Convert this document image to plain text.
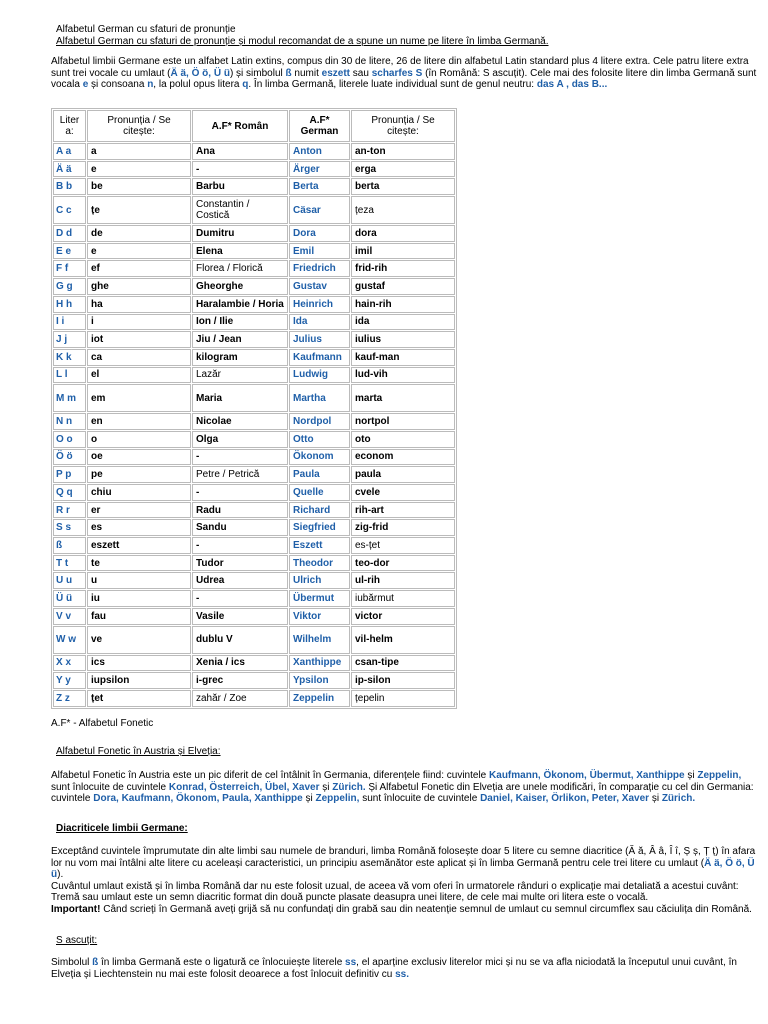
Alfabetul German cu sfaturi de pronunție
Alfabetul German cu sfaturi de pronunție și modul recomandat de a spune un nume pe litere în limba Germană.
Alfabetul limbii Germane este un alfabet Latin extins, compus din 30 de litere, 26 de litere din alfabetul Latin standard plus 4 litere extra. Cele patru litere extra sunt trei vocale cu umlaut (Ä ä, Ö ö, Ü ü) și simbolul ß numit eszett sau scharfes S (în Română: S ascuțit). Cele mai des folosite litere din limba Germană sunt vocala e și consoana n, la polul opus litera q. În limba Germană, literele luate individual sunt de genul neutru: das A , das B...
Liter a:	Pronunția / Se citește:	A.F* Român	A.F* German	Pronunția / Se citește:
A a	a	Ana	Anton	an-ton
Ä ä	e	-	Ärger	erga
B b	be	Barbu	Berta	berta
C c	țe	Constantin / Costică	Cäsar	țeza
D d	de	Dumitru	Dora	dora
E e	e	Elena	Emil	imil
F f	ef	Florea / Florică	Friedrich	frid-rih
G g	ghe	Gheorghe	Gustav	gustaf
H h	ha	Haralambie / Horia	Heinrich	hain-rih
I i	i	Ion / Ilie	Ida	ida
J j	iot	Jiu / Jean	Julius	iulius
K k	ca	kilogram	Kaufmann	kauf-man
L l	el	Lazăr	Ludwig	lud-vih
M m	em	Maria	Martha	marta
N n	en	Nicolae	Nordpol	nortpol
O o	o	Olga	Otto	oto
Ö ö	oe	-	Ökonom	econom
P p	pe	Petre / Petrică	Paula	paula
Q q	chiu	-	Quelle	cvele
R r	er	Radu	Richard	rih-art
S s	es	Sandu	Siegfried	zig-frid
ß	eszett	-	Eszett	es-țet
T t	te	Tudor	Theodor	teo-dor
U u	u	Udrea	Ulrich	ul-rih
Ü ü	iu	-	Übermut	iubărmut
V v	fau	Vasile	Viktor	victor
W w	ve	dublu V	Wilhelm	vil-helm
X x	ics	Xenia / ics	Xanthippe	csan-tipe
Y y	iupsilon	i-grec	Ypsilon	ip-silon
Z z	țet	zahăr / Zoe	Zeppelin	țepelin
A.F* - Alfabetul Fonetic
Alfabetul Fonetic în Austria și Elveția:
Alfabetul Fonetic în Austria este un pic diferit de cel întâlnit în Germania, diferențele fiind: cuvintele Kaufmann, Ökonom, Übermut, Xanthippe și Zeppelin, sunt înlocuite de cuvintele Konrad, Österreich, Übel, Xaver și Zürich. Și Alfabetul Fonetic din Elveția are unele modificări, în comparație cu cel din Germania: cuvintele Dora, Kaufmann, Ökonom, Paula, Xanthippe și Zeppelin, sunt înlocuite de cuvintele Daniel, Kaiser, Örlikon, Peter, Xaver și Zürich.
Diacriticele limbii Germane:
Exceptând cuvintele împrumutate din alte limbi sau numele de branduri, limba Română folosește doar 5 litere cu semne diacritice (Ă ă, Â â, Î î, Ș ș, Ț ț) în afara lor nu vom mai întâlni alte litere cu aceleași caracteristici, un principiu asemănător este aplicat și în limba Germană pentru cele trei litere cu umlaut (Ä ä, Ö ö, Ü ü).
Cuvântul umlaut există și în limba Română dar nu este folosit uzual, de aceea vă vom oferi în urmatorele rânduri o explicație mai detaliată a acestui cuvânt: Tremă sau umlaut este un semn diacritic format din două puncte plasate deasupra unei litere, de cele mai multe ori litera este o vocală.
Important! Când scrieți în Germană aveți grijă să nu confundați din grabă sau din neatenție semnul de umlaut cu semnul circumflex sau căciulița din Română.
S ascuțit:
Simbolul ß în limba Germană este o ligatură ce înlocuiește literele ss, el aparține exclusiv literelor mici și nu se va afla niciodată la începutul unui cuvânt, în Elveția și Liechtenstein nu mai este folosit deoarece a fost înlocuit definitiv cu ss.
